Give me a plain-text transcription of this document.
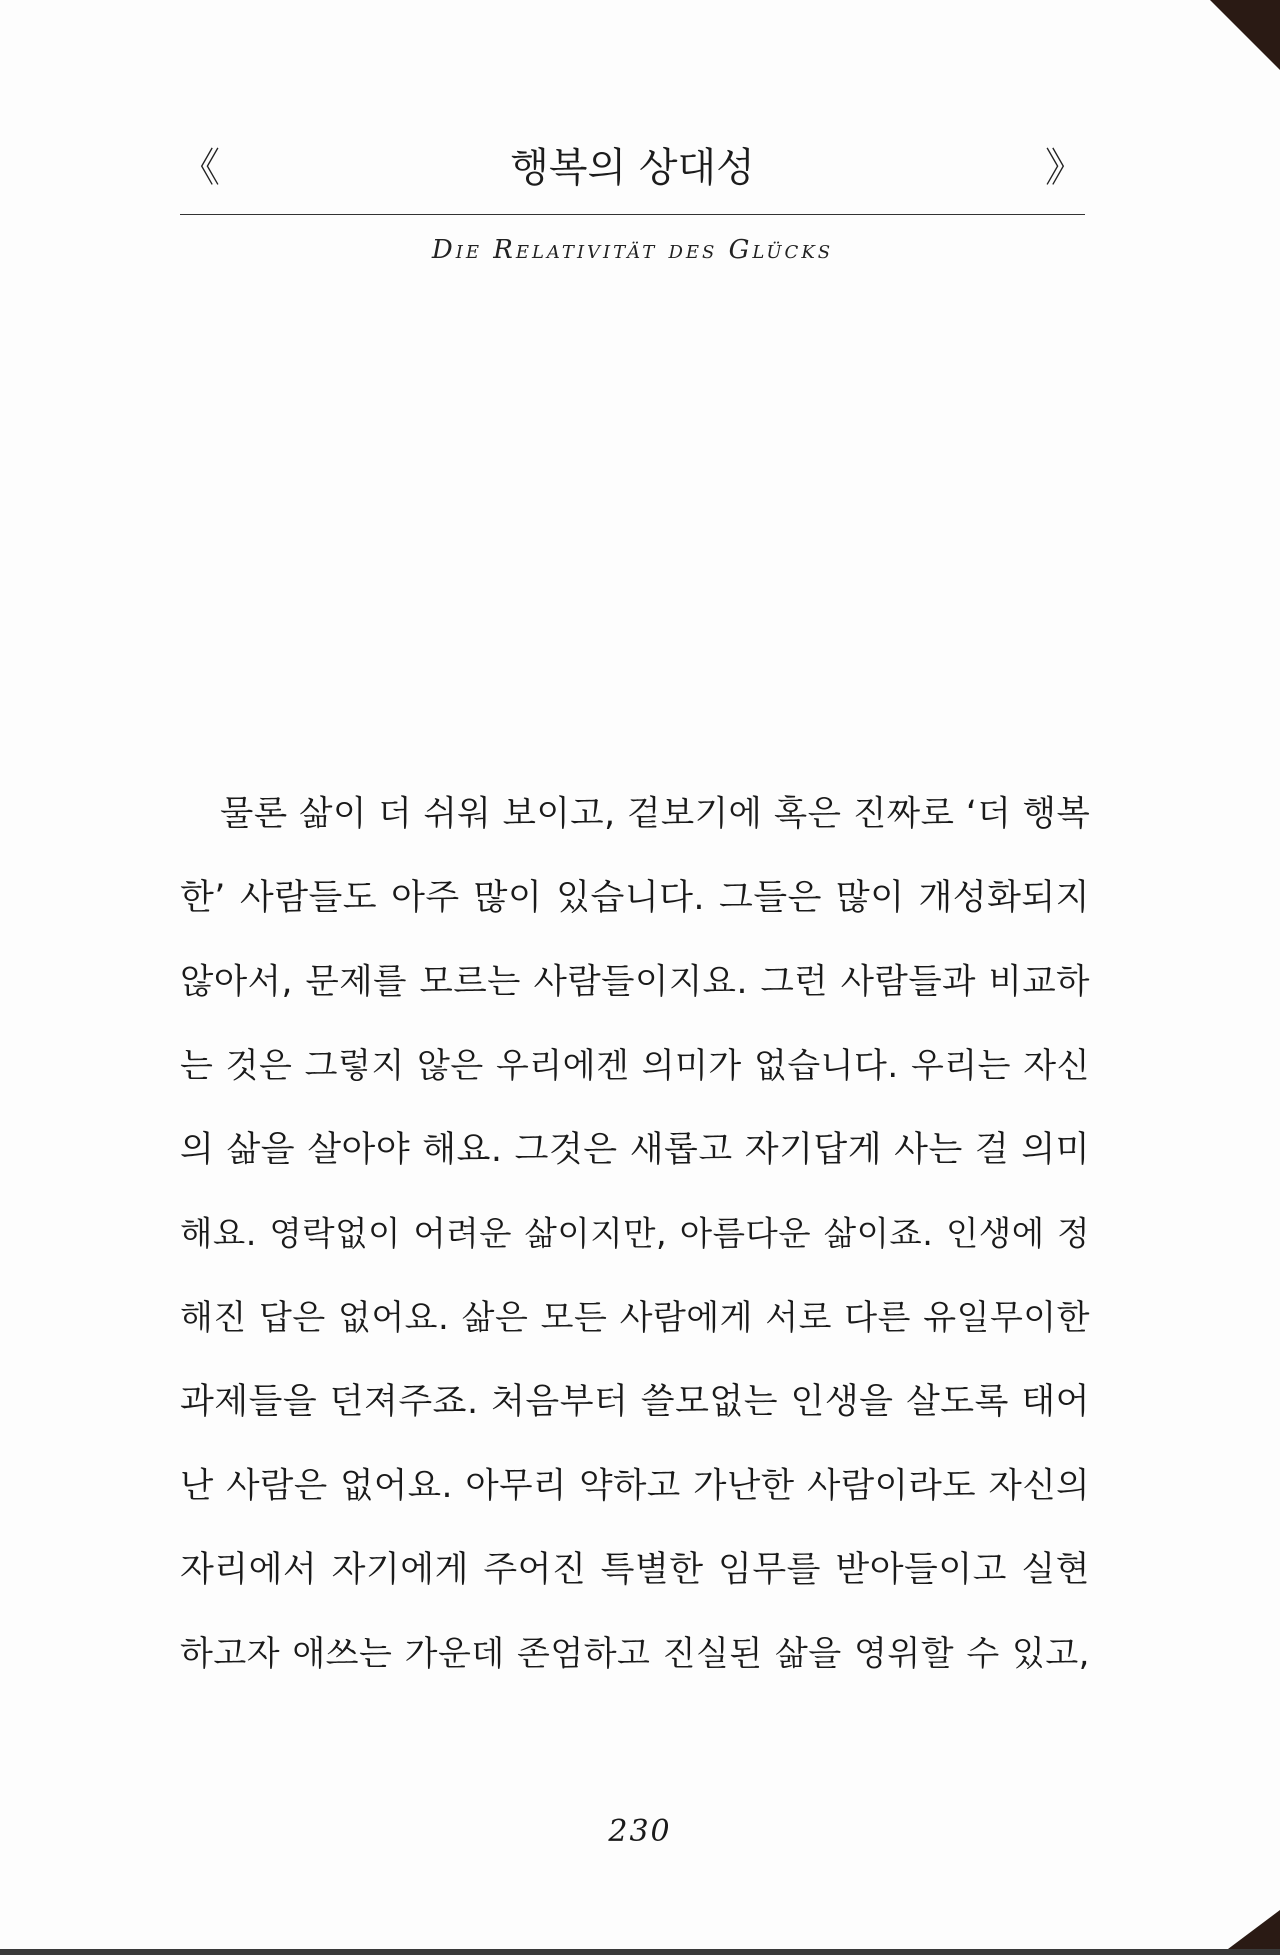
《	행복의 상대성	》
Die Relativität des Glücks
물론 삶이 더 쉬워 보이고, 겉보기에 혹은 진짜로 ‘더 행복
한’ 사람들도 아주 많이 있습니다. 그들은 많이 개성화되지
않아서, 문제를 모르는 사람들이지요. 그런 사람들과 비교하
는 것은 그렇지 않은 우리에겐 의미가 없습니다. 우리는 자신
의 삶을 살아야 해요. 그것은 새롭고 자기답게 사는 걸 의미
해요. 영락없이 어려운 삶이지만, 아름다운 삶이죠. 인생에 정
해진 답은 없어요. 삶은 모든 사람에게 서로 다른 유일무이한
과제들을 던져주죠. 처음부터 쓸모없는 인생을 살도록 태어
난 사람은 없어요. 아무리 약하고 가난한 사람이라도 자신의
자리에서 자기에게 주어진 특별한 임무를 받아들이고 실현
하고자 애쓰는 가운데 존엄하고 진실된 삶을 영위할 수 있고,
230
